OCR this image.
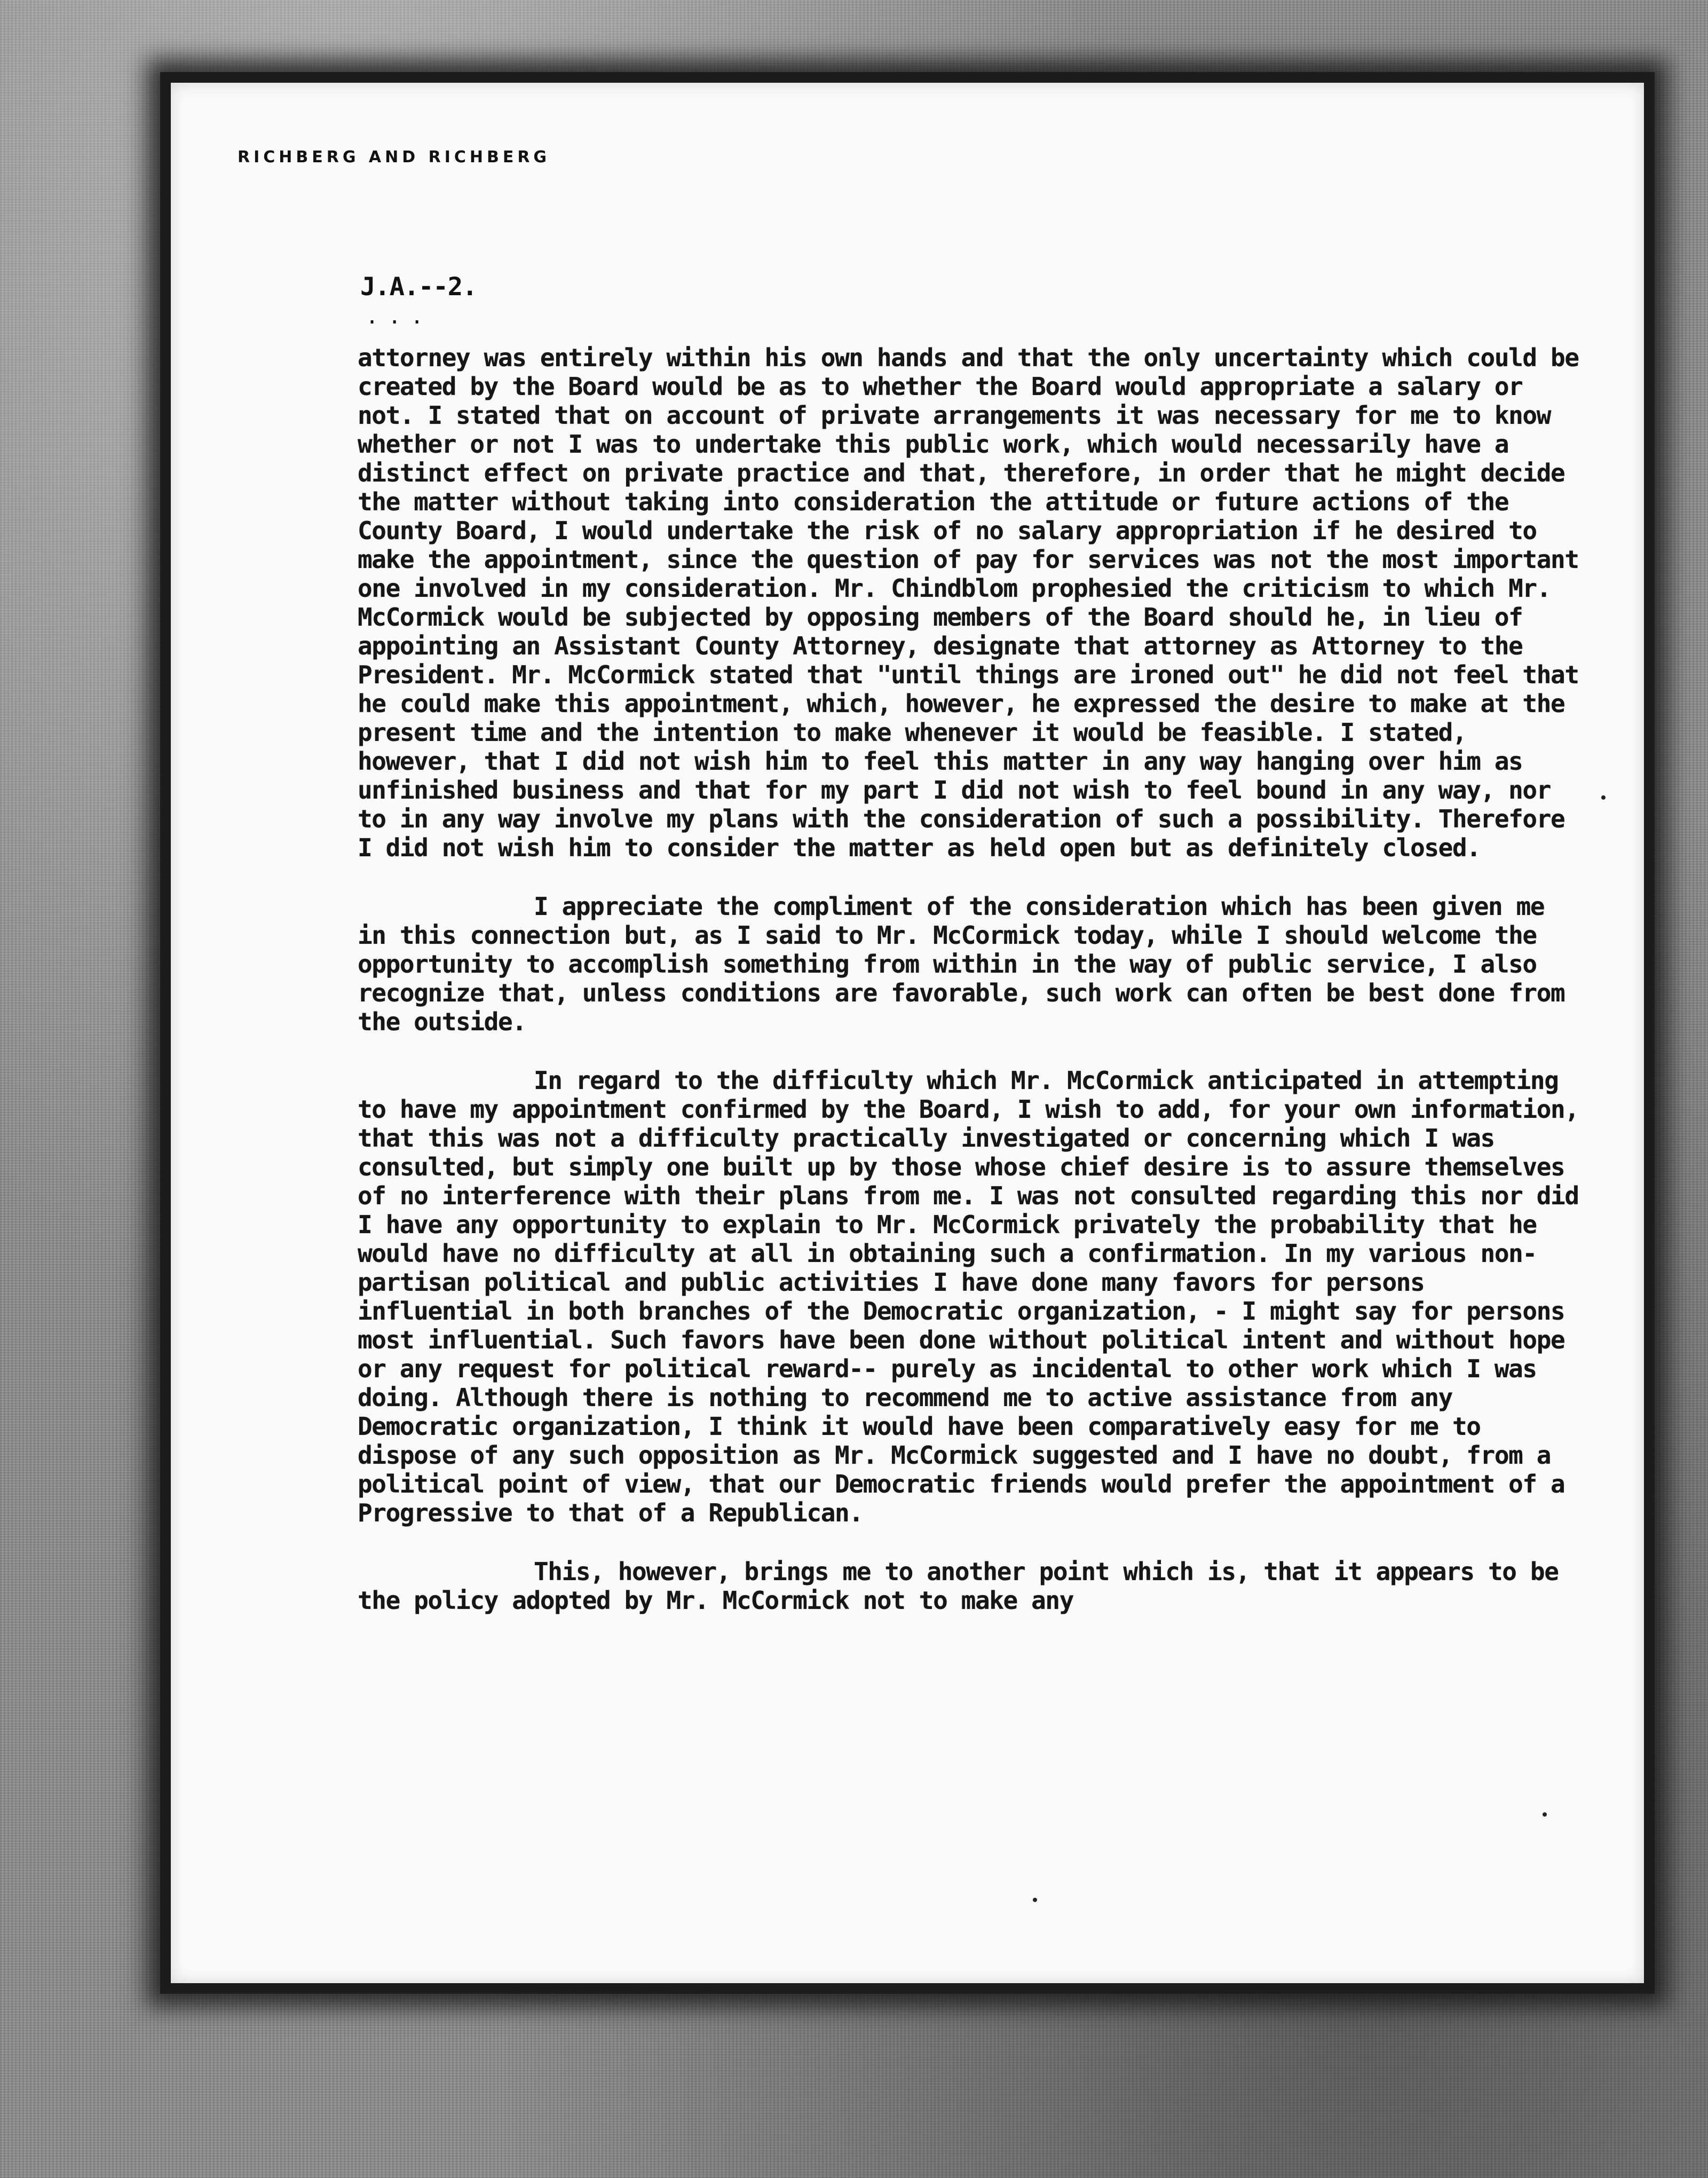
RICHBERG AND RICHBERG
J.A.--2.
...

attorney was entirely within his own hands and that the only uncertainty which could be created by the Board would be as to whether the Board would appropriate a salary or not. I stated that on account of private arrangements it was necessary for me to know whether or not I was to undertake this public work, which would necessarily have a distinct effect on private practice and that, therefore, in order that he might decide the matter without taking into consideration the attitude or future actions of the County Board, I would undertake the risk of no salary appropriation if he desired to make the appointment, since the question of pay for services was not the most important one involved in my consideration. Mr. Chindblom prophesied the criticism to which Mr. McCormick would be subjected by opposing members of the Board should he, in lieu of appointing an Assistant County Attorney, designate that attorney as Attorney to the President. Mr. McCormick stated that "until things are ironed out" he did not feel that he could make this appointment, which, however, he expressed the desire to make at the present time and the intention to make whenever it would be feasible. I stated, however, that I did not wish him to feel this matter in any way hanging over him as unfinished business and that for my part I did not wish to feel bound in any way, nor to in any way involve my plans with the consideration of such a possibility. Therefore I did not wish him to consider the matter as held open but as definitely closed.

I appreciate the compliment of the consideration which has been given me in this connection but, as I said to Mr. McCormick today, while I should welcome the opportunity to accomplish something from within in the way of public service, I also recognize that, unless conditions are favorable, such work can often be best done from the outside.

In regard to the difficulty which Mr. McCormick anticipated in attempting to have my appointment confirmed by the Board, I wish to add, for your own information, that this was not a difficulty practically investigated or concerning which I was consulted, but simply one built up by those whose chief desire is to assure themselves of no interference with their plans from me. I was not consulted regarding this nor did I have any opportunity to explain to Mr. McCormick privately the probability that he would have no difficulty at all in obtaining such a confirmation. In my various non-partisan political and public activities I have done many favors for persons influential in both branches of the Democratic organization, - I might say for persons most influential. Such favors have been done without political intent and without hope or any request for political reward-- purely as incidental to other work which I was doing. Although there is nothing to recommend me to active assistance from any Democratic organization, I think it would have been comparatively easy for me to dispose of any such opposition as Mr. McCormick suggested and I have no doubt, from a political point of view, that our Democratic friends would prefer the appointment of a Progressive to that of a Republican.

This, however, brings me to another point which is, that it appears to be the policy adopted by Mr. McCormick not to make any
